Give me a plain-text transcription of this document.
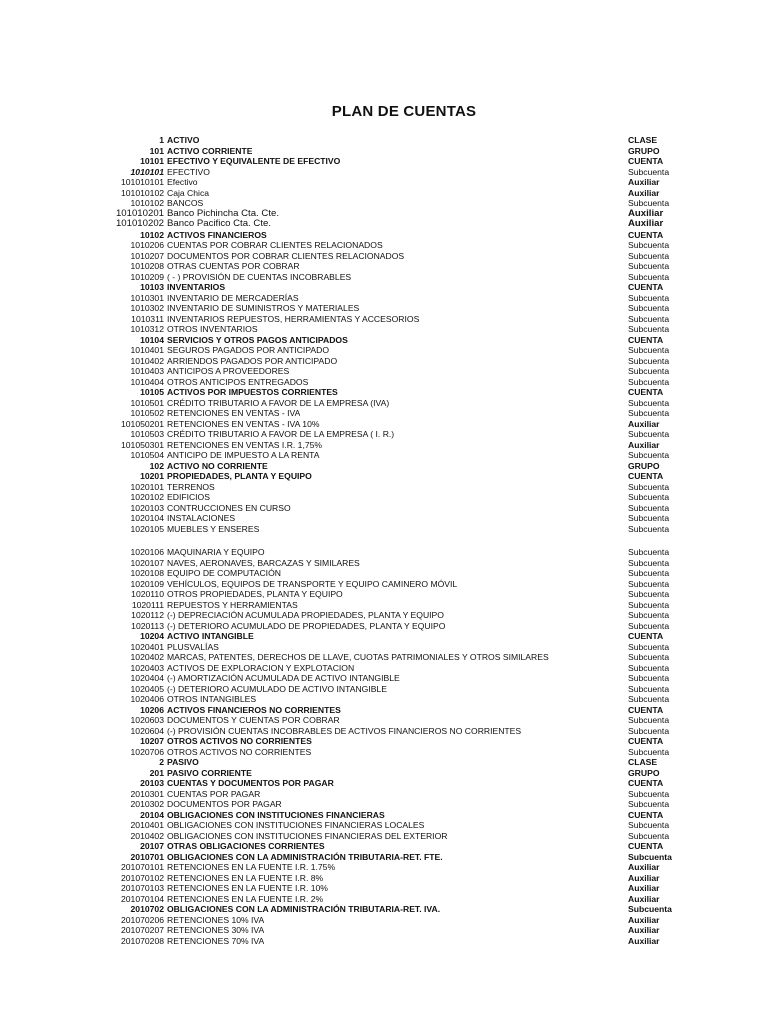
PLAN DE CUENTAS
1 ACTIVO	CLASE
101 ACTIVO CORRIENTE	GRUPO
10101 EFECTIVO Y EQUIVALENTE DE EFECTIVO	CUENTA
1010101 EFECTIVO	Subcuenta
101010101 Efectivo	Auxiliar
101010102 Caja Chica	Auxiliar
1010102 BANCOS	Subcuenta
101010201 Banco Pichincha Cta. Cte.	Auxiliar
101010202 Banco Pacifico Cta. Cte.	Auxiliar
10102 ACTIVOS FINANCIEROS	CUENTA
1010206 CUENTAS POR COBRAR CLIENTES RELACIONADOS	Subcuenta
1010207 DOCUMENTOS POR COBRAR CLIENTES RELACIONADOS	Subcuenta
1010208 OTRAS CUENTAS POR COBRAR	Subcuenta
1010209 ( - ) PROVISIÓN DE CUENTAS INCOBRABLES	Subcuenta
10103 INVENTARIOS	CUENTA
1010301 INVENTARIO DE MERCADERÍAS	Subcuenta
1010302 INVENTARIO DE SUMINISTROS Y MATERIALES	Subcuenta
1010311 INVENTARIOS REPUESTOS, HERRAMIENTAS Y ACCESORIOS	Subcuenta
1010312 OTROS INVENTARIOS	Subcuenta
10104 SERVICIOS Y OTROS PAGOS ANTICIPADOS	CUENTA
1010401 SEGUROS PAGADOS POR ANTICIPADO	Subcuenta
1010402 ARRIENDOS PAGADOS POR ANTICIPADO	Subcuenta
1010403 ANTICIPOS A PROVEEDORES	Subcuenta
1010404 OTROS ANTICIPOS ENTREGADOS	Subcuenta
10105 ACTIVOS POR IMPUESTOS CORRIENTES	CUENTA
1010501 CRÉDITO TRIBUTARIO A FAVOR DE LA EMPRESA (IVA)	Subcuenta
1010502 RETENCIONES EN VENTAS - IVA	Subcuenta
101050201 RETENCIONES EN VENTAS - IVA 10%	Auxiliar
1010503 CRÉDITO TRIBUTARIO A FAVOR DE LA EMPRESA ( I. R.)	Subcuenta
101050301 RETENCIONES EN VENTAS I.R. 1,75%	Auxiliar
1010504 ANTICIPO DE IMPUESTO A LA RENTA	Subcuenta
102 ACTIVO NO CORRIENTE	GRUPO
10201 PROPIEDADES, PLANTA Y EQUIPO	CUENTA
1020101 TERRENOS	Subcuenta
1020102 EDIFICIOS	Subcuenta
1020103 CONTRUCCIONES EN CURSO	Subcuenta
1020104 INSTALACIONES	Subcuenta
1020105 MUEBLES Y ENSERES	Subcuenta
1020106 MAQUINARIA Y EQUIPO	Subcuenta
1020107 NAVES, AERONAVES, BARCAZAS Y SIMILARES	Subcuenta
1020108 EQUIPO DE COMPUTACIÓN	Subcuenta
1020109 VEHÍCULOS, EQUIPOS DE TRANSPORTE Y EQUIPO CAMINERO MÓVIL	Subcuenta
1020110 OTROS PROPIEDADES, PLANTA Y EQUIPO	Subcuenta
1020111 REPUESTOS Y HERRAMIENTAS	Subcuenta
1020112 (-) DEPRECIACIÓN ACUMULADA PROPIEDADES, PLANTA Y EQUIPO	Subcuenta
1020113 (-) DETERIORO ACUMULADO DE PROPIEDADES, PLANTA Y EQUIPO	Subcuenta
10204 ACTIVO INTANGIBLE	CUENTA
1020401 PLUSVALÍAS	Subcuenta
1020402 MARCAS, PATENTES, DERECHOS DE LLAVE, CUOTAS PATRIMONIALES Y OTROS SIMILARES	Subcuenta
1020403 ACTIVOS DE EXPLORACION Y EXPLOTACION	Subcuenta
1020404 (-) AMORTIZACIÓN ACUMULADA DE ACTIVO INTANGIBLE	Subcuenta
1020405 (-) DETERIORO ACUMULADO DE ACTIVO INTANGIBLE	Subcuenta
1020406 OTROS INTANGIBLES	Subcuenta
10206 ACTIVOS FINANCIEROS NO CORRIENTES	CUENTA
1020603 DOCUMENTOS Y CUENTAS POR COBRAR	Subcuenta
1020604 (-) PROVISIÓN CUENTAS INCOBRABLES DE ACTIVOS FINANCIEROS NO CORRIENTES	Subcuenta
10207 OTROS ACTIVOS NO CORRIENTES	CUENTA
1020706 OTROS ACTIVOS NO CORRIENTES	Subcuenta
2 PASIVO	CLASE
201 PASIVO CORRIENTE	GRUPO
20103 CUENTAS Y DOCUMENTOS POR PAGAR	CUENTA
2010301 CUENTAS POR PAGAR	Subcuenta
2010302 DOCUMENTOS POR PAGAR	Subcuenta
20104 OBLIGACIONES CON INSTITUCIONES FINANCIERAS	CUENTA
2010401 OBLIGACIONES CON INSTITUCIONES FINANCIERAS LOCALES	Subcuenta
2010402 OBLIGACIONES CON INSTITUCIONES FINANCIERAS DEL EXTERIOR	Subcuenta
20107 OTRAS OBLIGACIONES CORRIENTES	CUENTA
2010701 OBLIGACIONES CON LA ADMINISTRACIÓN TRIBUTARIA-RET. FTE.	Subcuenta
201070101 RETENCIONES EN LA FUENTE I.R. 1.75%	Auxiliar
201070102 RETENCIONES EN LA FUENTE I.R. 8%	Auxiliar
201070103 RETENCIONES EN LA FUENTE I.R. 10%	Auxiliar
201070104 RETENCIONES EN LA FUENTE I.R. 2%	Auxiliar
2010702 OBLIGACIONES CON LA ADMINISTRACIÓN TRIBUTARIA-RET. IVA.	Subcuenta
201070206 RETENCIONES 10% IVA	Auxiliar
201070207 RETENCIONES 30% IVA	Auxiliar
201070208 RETENCIONES 70% IVA	Auxiliar
